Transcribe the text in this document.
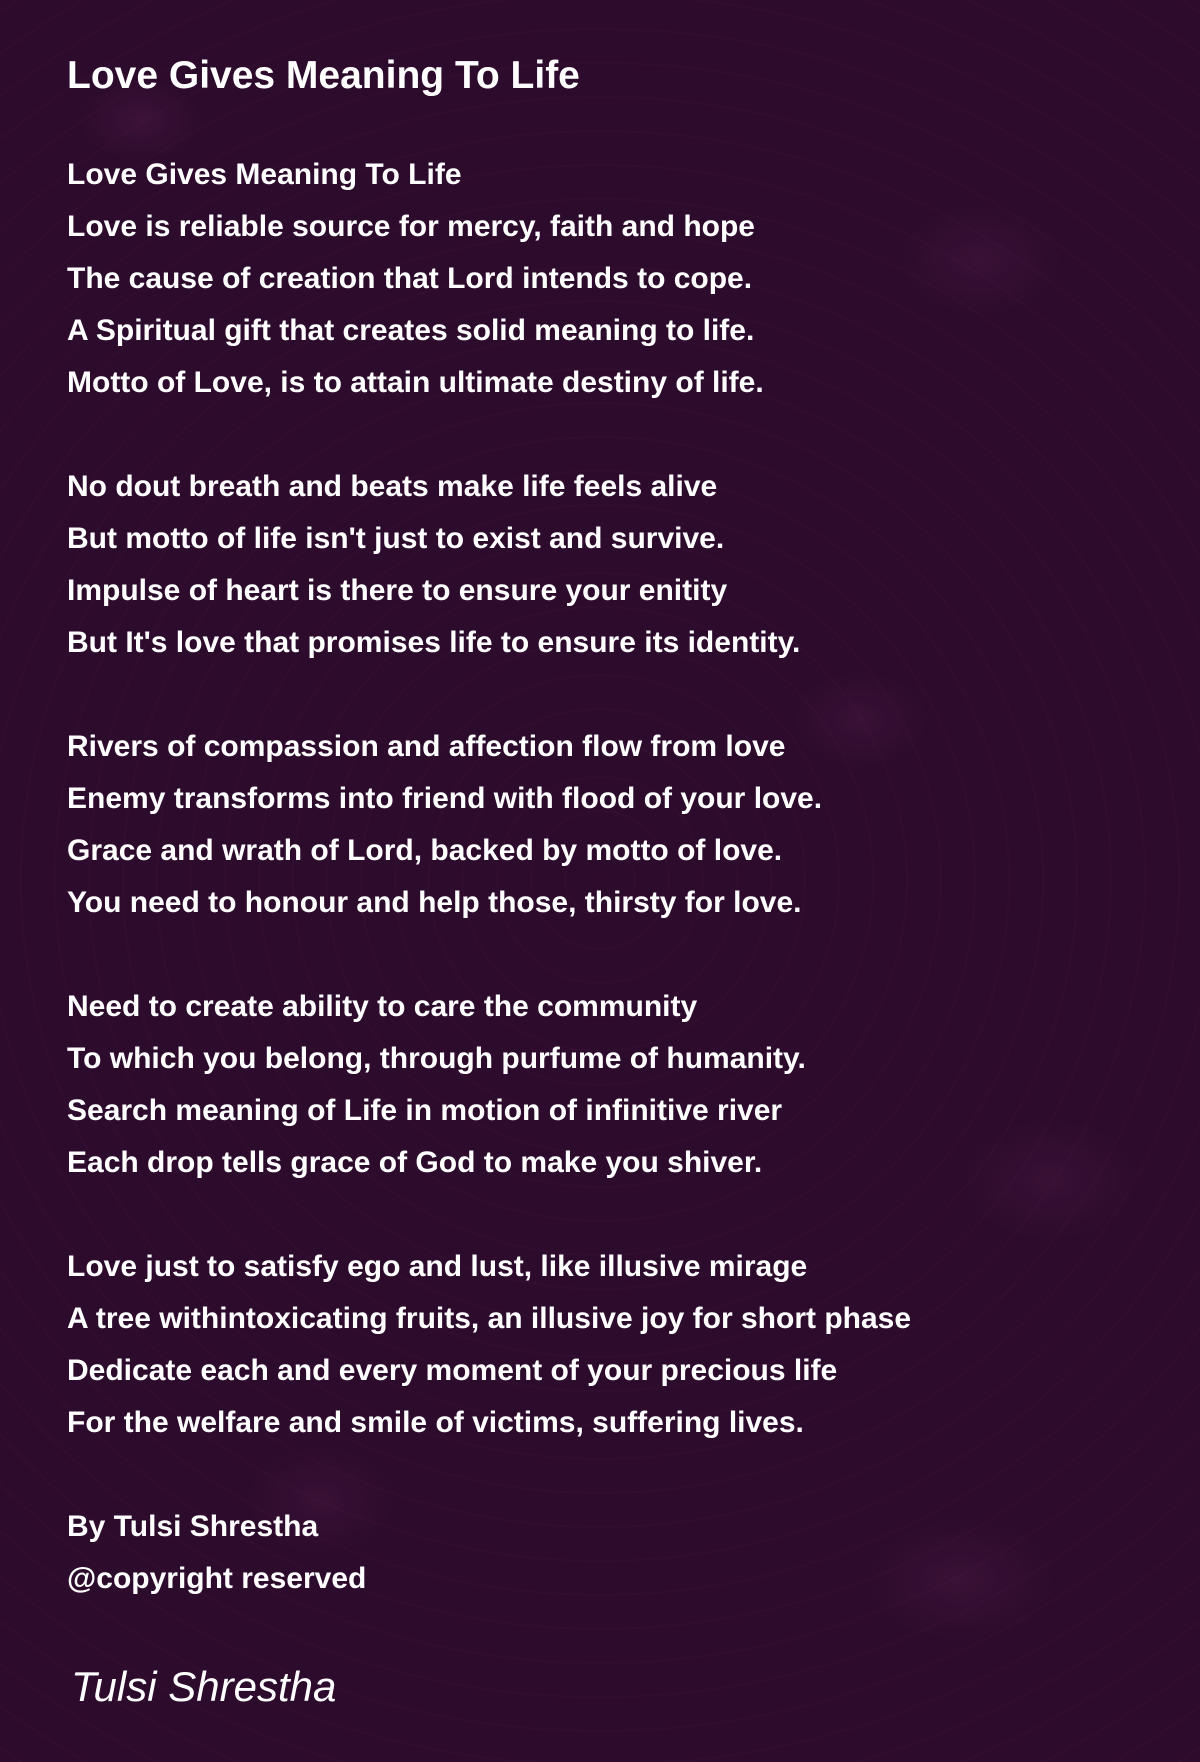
Love Gives Meaning To Life
Love Gives Meaning To Life
Love is reliable source for mercy, faith and hope
The cause of creation that Lord intends to cope.
A Spiritual gift that creates solid meaning to life.
Motto of Love, is to attain ultimate destiny of life.
No dout breath and beats make life feels alive
But motto of life isn't just to exist and survive.
Impulse of heart is there to ensure your enitity
But It's love that promises life to ensure its identity.
Rivers of compassion and affection flow from love
Enemy transforms into friend with flood of your love.
Grace and wrath of Lord, backed by motto of love.
You need to honour and help those, thirsty for love.
Need to create ability to care the community
To which you belong, through purfume of humanity.
Search meaning of Life in motion of infinitive river
Each drop tells grace of God to make you shiver.
Love just to satisfy ego and lust, like illusive mirage
A tree withintoxicating fruits, an illusive joy for short phase
Dedicate each and every moment of your precious life
For the welfare and smile of victims, suffering lives.
By Tulsi Shrestha
@copyright reserved
Tulsi Shrestha
